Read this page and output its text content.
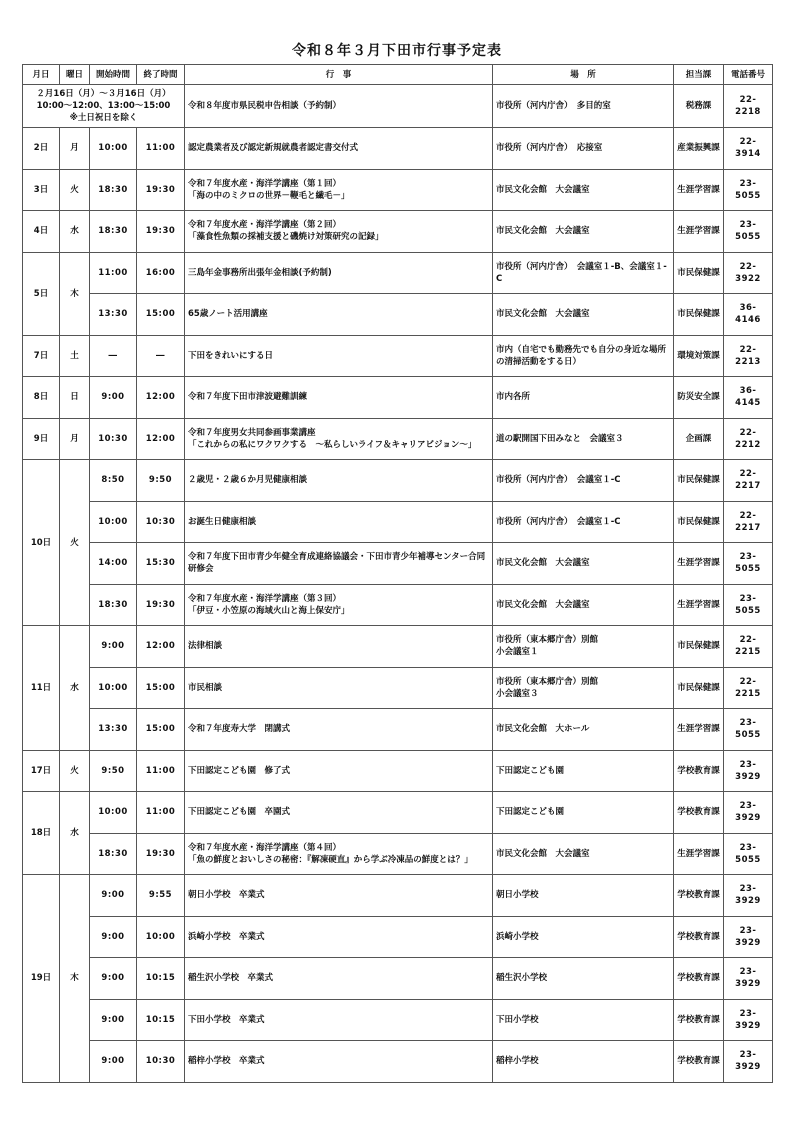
令和８年３月下田市行事予定表
月日	曜日	開始時間	終了時間	行　事	場　所	担当課	電話番号

２月16日（月）～３月16日（月）
10:00～12:00、13:00～15:00
※土日祝日を除く				令和８年度市県民税申告相談（予約制）	市役所（河内庁舎）　多目的室	税務課	22-2218
2日	月	10:00	11:00	認定農業者及び認定新規就農者認定書交付式	市役所（河内庁舎）　応接室	産業振興課	22-3914
3日	火	18:30	19:30	令和７年度水産・海洋学講座（第１回）
「海の中のミクロの世界－鞭毛と繊毛－」	市民文化会館　大会議室	生涯学習課	23-5055
4日	水	18:30	19:30	令和７年度水産・海洋学講座（第２回）
「藻食性魚類の採補支援と磯焼け対策研究の記録」	市民文化会館　大会議室	生涯学習課	23-5055
5日	木	11:00	16:00	三島年金事務所出張年金相談(予約制)	市役所（河内庁舎）　会議室１-B、会議室１-C	市民保健課	22-3922
		13:30	15:00	65歳ノート活用講座	市民文化会館　大会議室	市民保健課	36-4146
7日	土	―	―	下田をきれいにする日	市内（自宅でも勤務先でも自分の身近な場所の清掃活動をする日）	環境対策課	22-2213
8日	日	9:00	12:00	令和７年度下田市津波避難訓練	市内各所	防災安全課	36-4145
9日	月	10:30	12:00	令和７年度男女共同参画事業講座
「これからの私にワクワクする　～私らしいライフ＆キャリアビジョン～」	道の駅開国下田みなと　会議室３	企画課	22-2212
10日	火	8:50	9:50	２歳児・２歳６か月児健康相談	市役所（河内庁舎）　会議室１-C	市民保健課	22-2217
		10:00	10:30	お誕生日健康相談	市役所（河内庁舎）　会議室１-C	市民保健課	22-2217
		14:00	15:30	令和７年度下田市青少年健全育成連絡協議会・下田市青少年補導センター合同研修会	市民文化会館　大会議室	生涯学習課	23-5055
		18:30	19:30	令和７年度水産・海洋学講座（第３回）
「伊豆・小笠原の海域火山と海上保安庁」	市民文化会館　大会議室	生涯学習課	23-5055
11日	水	9:00	12:00	法律相談	市役所（東本郷庁舎）別館
小会議室１	市民保健課	22-2215
		10:00	15:00	市民相談	市役所（東本郷庁舎）別館
小会議室３	市民保健課	22-2215
		13:30	15:00	令和７年度寿大学　閉講式	市民文化会館　大ホール	生涯学習課	23-5055
17日	火	9:50	11:00	下田認定こども園　修了式	下田認定こども園	学校教育課	23-3929
18日	水	10:00	11:00	下田認定こども園　卒園式	下田認定こども園	学校教育課	23-3929
		18:30	19:30	令和７年度水産・海洋学講座（第４回）
「魚の鮮度とおいしさの秘密：『解凍硬直』から学ぶ冷凍品の鮮度とは？」	市民文化会館　大会議室	生涯学習課	23-5055
19日	木	9:00	9:55	朝日小学校　卒業式	朝日小学校	学校教育課	23-3929
		9:00	10:00	浜崎小学校　卒業式	浜崎小学校	学校教育課	23-3929
		9:00	10:15	稲生沢小学校　卒業式	稲生沢小学校	学校教育課	23-3929
		9:00	10:15	下田小学校　卒業式	下田小学校	学校教育課	23-3929
		9:00	10:30	稲梓小学校　卒業式	稲梓小学校	学校教育課	23-3929
